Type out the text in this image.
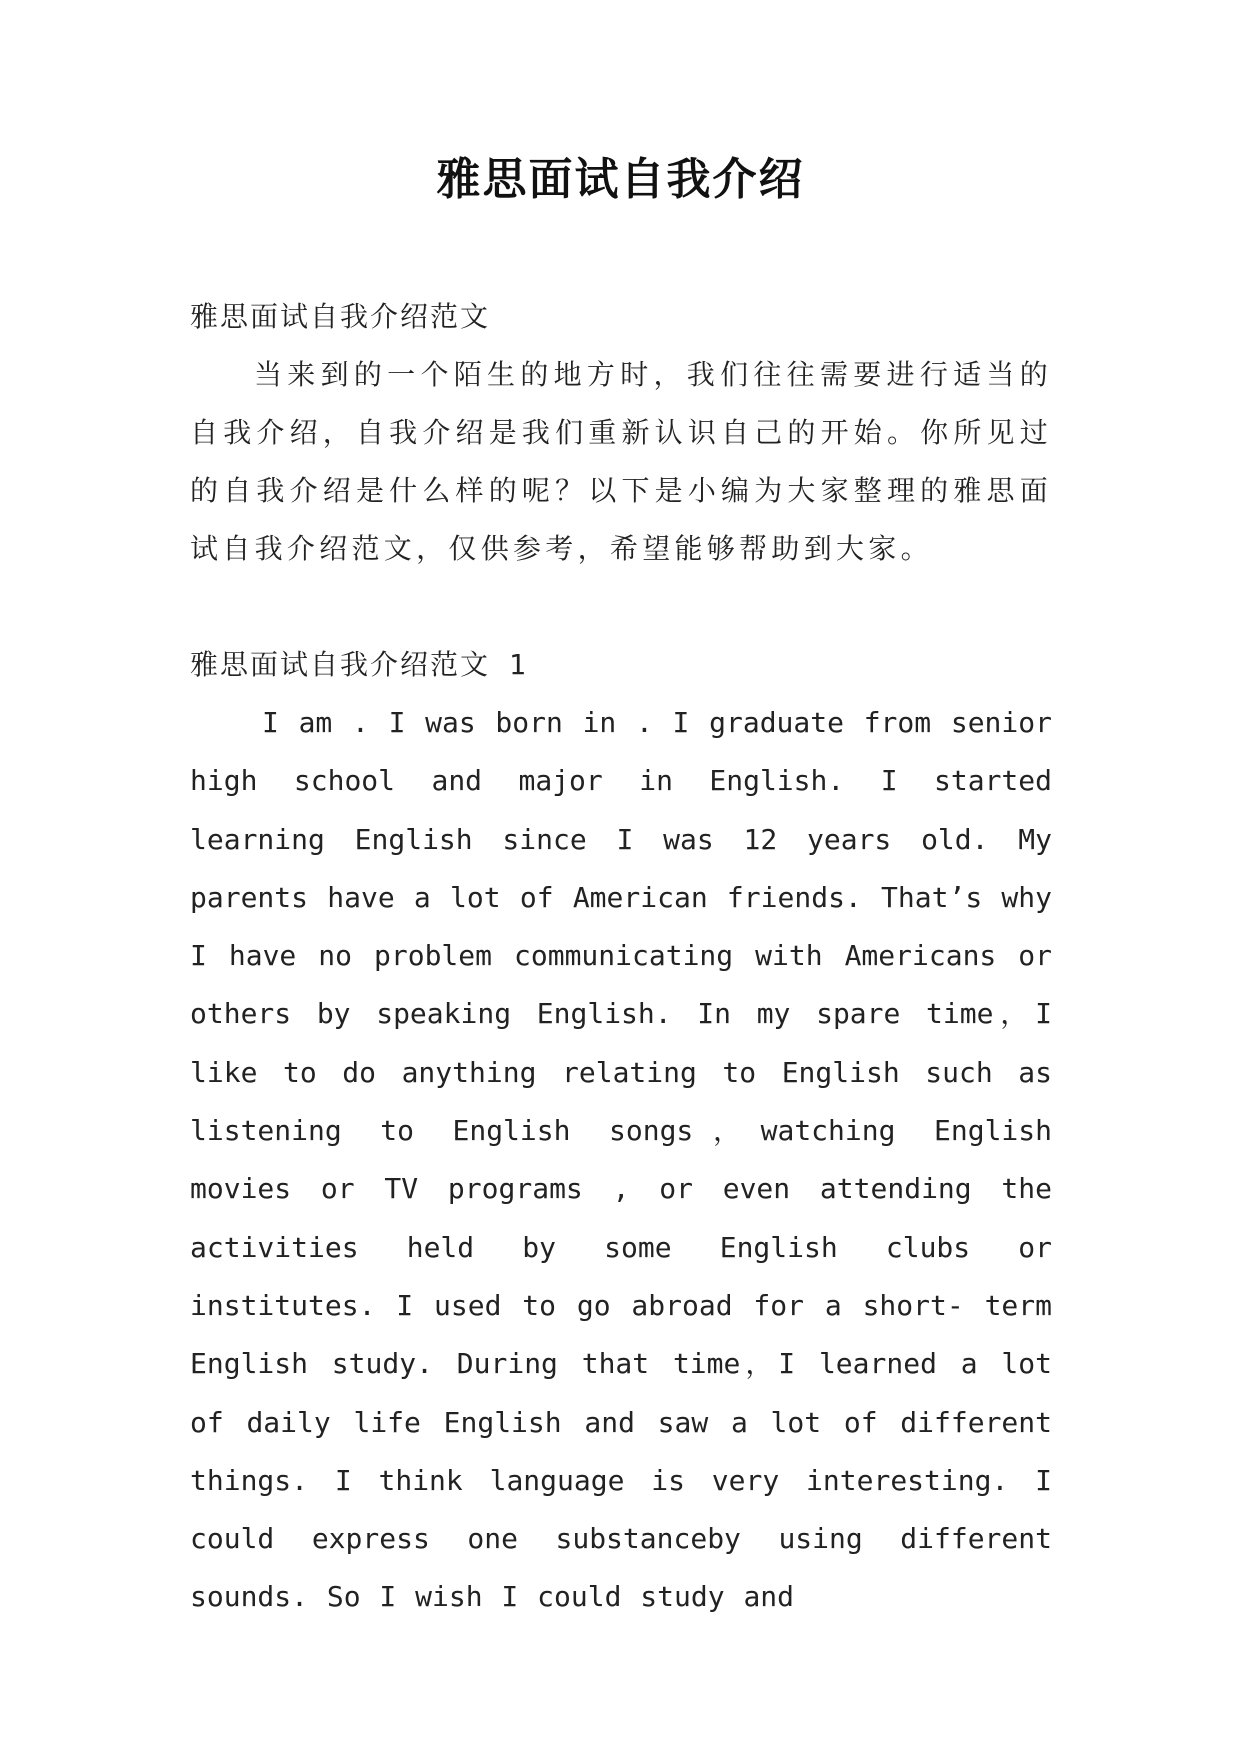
雅思面试自我介绍
雅思面试自我介绍范文
当来到的一个陌生的地方时，我们往往需要进行适当的自我介绍，自我介绍是我们重新认识自己的开始。你所见过的自我介绍是什么样的呢？以下是小编为大家整理的雅思面试自我介绍范文，仅供参考，希望能够帮助到大家。
雅思面试自我介绍范文 1
I am . I was born in . I graduate from senior high school and major in English. I started learning English since I was 12 years old. My parents have a lot of American friends. That’s why I have no problem communicating with Americans or others by speaking English. In my spare time，I like to do anything relating to English such as listening to English songs，watching English movies or TV programs , or even attending the activities held by some English clubs or institutes. I used to go abroad for a short- term English study. During that time，I learned a lot of daily life English and saw a lot of different things. I think language is very interesting. I could express one substanceby using different sounds. So I wish I could study and
